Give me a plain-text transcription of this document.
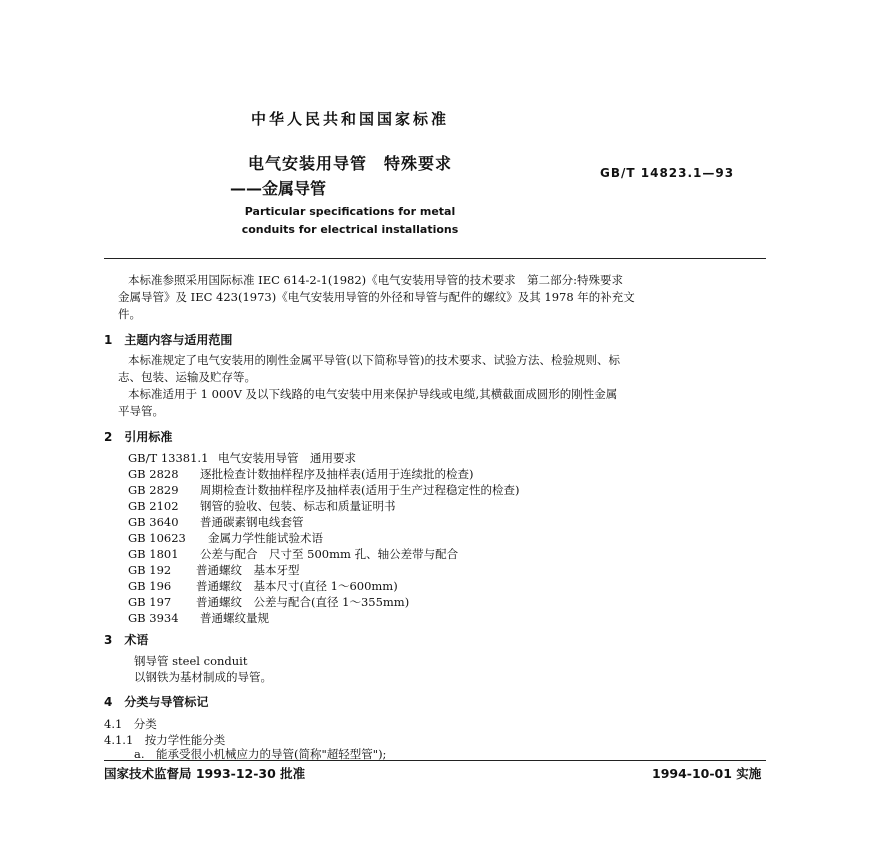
中华人民共和国国家标准
电气安装用导管　特殊要求
——金属导管
GB/T 14823.1—93
Particular specifications for metal
conduits for electrical installations
本标准参照采用国际标准 IEC 614-2-1(1982)《电气安装用导管的技术要求　第二部分:特殊要求
金属导管》及 IEC 423(1973)《电气安装用导管的外径和导管与配件的螺纹》及其 1978 年的补充文
件。
1　主题内容与适用范围
本标准规定了电气安装用的刚性金属平导管(以下简称导管)的技术要求、试验方法、检验规则、标
志、包装、运输及贮存等。
本标准适用于 1 000V 及以下线路的电气安装中用来保护导线或电缆,其横截面成圆形的刚性金属
平导管。
2　引用标准
GB/T 13381.1 电气安装用导管　通用要求
GB 2828 逐批检查计数抽样程序及抽样表(适用于连续批的检查)
GB 2829 周期检查计数抽样程序及抽样表(适用于生产过程稳定性的检查)
GB 2102 钢管的验收、包装、标志和质量证明书
GB 3640 普通碳素钢电线套管
GB 10623 金属力学性能试验术语
GB 1801 公差与配合　尺寸至 500mm 孔、轴公差带与配合
GB 192 普通螺纹　基本牙型
GB 196 普通螺纹　基本尺寸(直径 1～600mm)
GB 197 普通螺纹　公差与配合(直径 1～355mm)
GB 3934 普通螺纹量规
3　术语
钢导管 steel conduit
以钢铁为基材制成的导管。
4　分类与导管标记
4.1　分类
4.1.1　按力学性能分类
a.　能承受很小机械应力的导管(简称"超轻型管");
国家技术监督局 1993-12-30 批准	1994-10-01 实施
